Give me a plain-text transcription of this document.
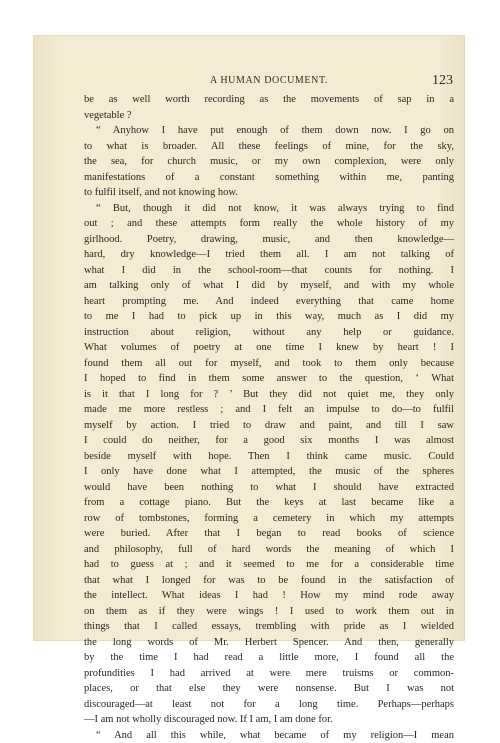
A HUMAN DOCUMENT.	123
be as well worth recording as the movements of sap in a
vegetable ?
“ Anyhow I have put enough of them down now. I go on
to what is broader. All these feelings of mine, for the sky,
the sea, for church music, or my own complexion, were only
manifestations of a constant something within me, panting
to fulfil itself, and not knowing how.
“ But, though it did not know, it was always trying to find
out ; and these attempts form really the whole history of my
girlhood. Poetry, drawing, music, and then knowledge—
hard, dry knowledge—I tried them all. I am not talking of
what I did in the school-room—that counts for nothing. I
am talking only of what I did by myself, and with my whole
heart prompting me. And indeed everything that came home
to me I had to pick up in this way, much as I did my
instruction about religion, without any help or guidance.
What volumes of poetry at one time I knew by heart ! I
found them all out for myself, and took to them only because
I hoped to find in them some answer to the question, ‘ What
is it that I long for ? ’ But they did not quiet me, they only
made me more restless ; and I felt an impulse to do—to fulfil
myself by action. I tried to draw and paint, and till I saw
I could do neither, for a good six months I was almost
beside myself with hope. Then I think came music. Could
I only have done what I attempted, the music of the spheres
would have been nothing to what I should have extracted
from a cottage piano. But the keys at last became like a
row of tombstones, forming a cemetery in which my attempts
were buried. After that I began to read books of science
and philosophy, full of hard words the meaning of which I
had to guess at ; and it seemed to me for a considerable time
that what I longed for was to be found in the satisfaction of
the intellect. What ideas I had ! How my mind rode away
on them as if they were wings ! I used to work them out in
things that I called essays, trembling with pride as I wielded
the long words of Mr. Herbert Spencer. And then, generally
by the time I had read a little more, I found all the
profundities I had arrived at were mere truisms or common-
places, or that else they were nonsense. But I was not
discouraged—at least not for a long time. Perhaps—perhaps
—I am not wholly discouraged now. If I am, I am done for.
“ And all this while, what became of my religion—I mean
